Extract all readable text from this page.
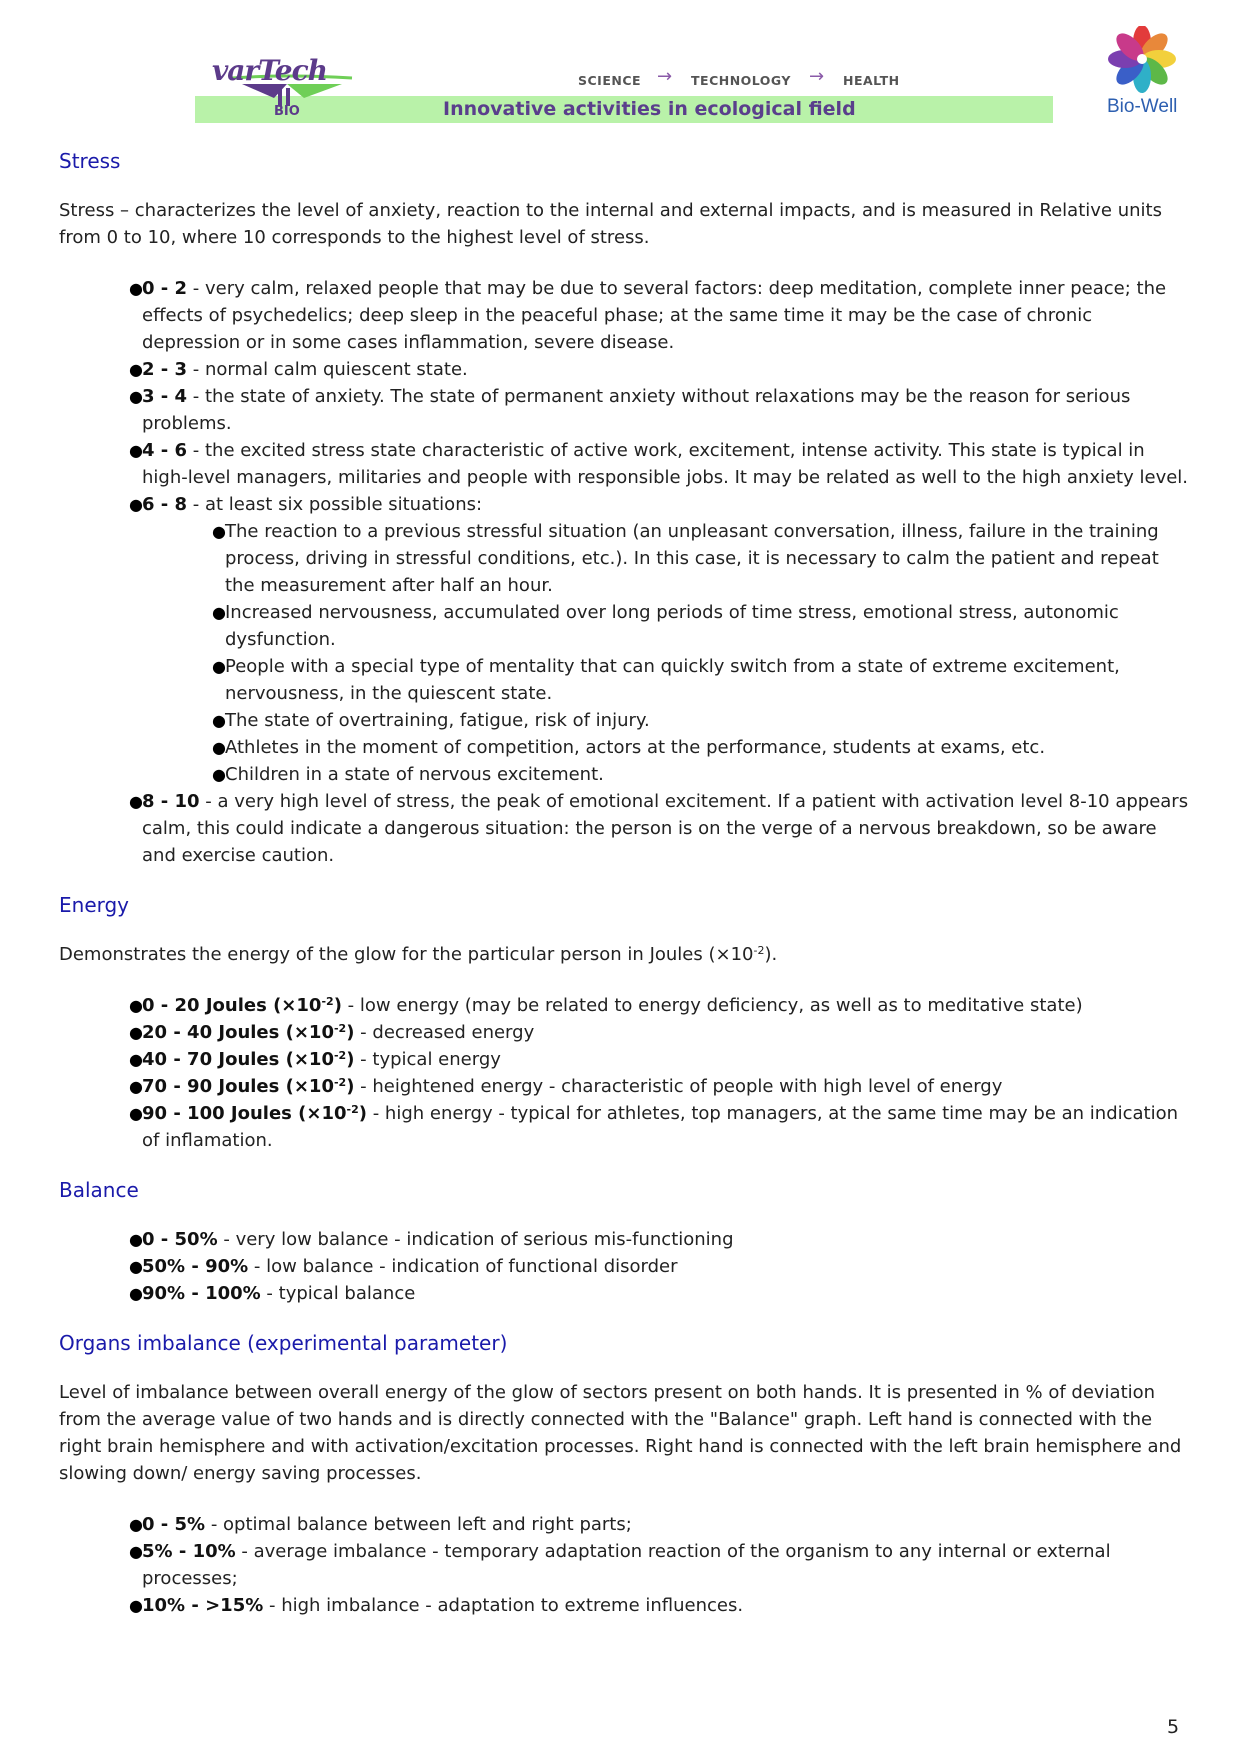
Innovative activities in ecological field
SCIENCE → TECHNOLOGY → HEALTH
varTech
BIO	Bio-Well
Stress

Stress – characterizes the level of anxiety, reaction to the internal and external impacts, and is measured in Relative units from 0 to 10, where 10 corresponds to the highest level of stress.

● 0 - 2 - very calm, relaxed people that may be due to several factors: deep meditation, complete inner peace; the effects of psychedelics; deep sleep in the peaceful phase; at the same time it may be the case of chronic depression or in some cases inflammation, severe disease.
● 2 - 3 - normal calm quiescent state.
● 3 - 4 - the state of anxiety. The state of permanent anxiety without relaxations may be the reason for serious problems.
● 4 - 6 - the excited stress state characteristic of active work, excitement, intense activity. This state is typical in high-level managers, militaries and people with responsible jobs. It may be related as well to the high anxiety level.
● 6 - 8 - at least six possible situations:
● The reaction to a previous stressful situation (an unpleasant conversation, illness, failure in the training process, driving in stressful conditions, etc.). In this case, it is necessary to calm the patient and repeat the measurement after half an hour.
● Increased nervousness, accumulated over long periods of time stress, emotional stress, autonomic dysfunction.
● People with a special type of mentality that can quickly switch from a state of extreme excitement, nervousness, in the quiescent state.
● The state of overtraining, fatigue, risk of injury.
● Athletes in the moment of competition, actors at the performance, students at exams, etc.
● Children in a state of nervous excitement.
● 8 - 10 - a very high level of stress, the peak of emotional excitement. If a patient with activation level 8-10 appears calm, this could indicate a dangerous situation: the person is on the verge of a nervous breakdown, so be aware and exercise caution.
Energy

Demonstrates the energy of the glow for the particular person in Joules $(\times 10^{-2})$.

● 0 - 20 Joules $(\times 10^{-2})$ - low energy (may be related to energy deficiency, as well as to meditative state)
● 20 - 40 Joules $(\times 10^{-2})$ - decreased energy
● 40 - 70 Joules $(\times 10^{-2})$ - typical energy
● 70 - 90 Joules $(\times 10^{-2})$ - heightened energy - characteristic of people with high level of energy
● 90 - 100 Joules $(\times 10^{-2})$ - high energy - typical for athletes, top managers, at the same time may be an indication of inflamation.
Balance
● 0 - 50% - very low balance - indication of serious mis-functioning
● 50% - 90% - low balance - indication of functional disorder
● 90% - 100% - typical balance
Organs imbalance (experimental parameter)

Level of imbalance between overall energy of the glow of sectors present on both hands. It is presented in % of deviation from the average value of two hands and is directly connected with the "Balance" graph. Left hand is connected with the right brain hemisphere and with activation/excitation processes. Right hand is connected with the left brain hemisphere and slowing down/ energy saving processes.

● 0 - 5% - optimal balance between left and right parts;
● 5% - 10% - average imbalance - temporary adaptation reaction of the organism to any internal or external processes;
● 10% - >15% - high imbalance - adaptation to extreme influences.
5
